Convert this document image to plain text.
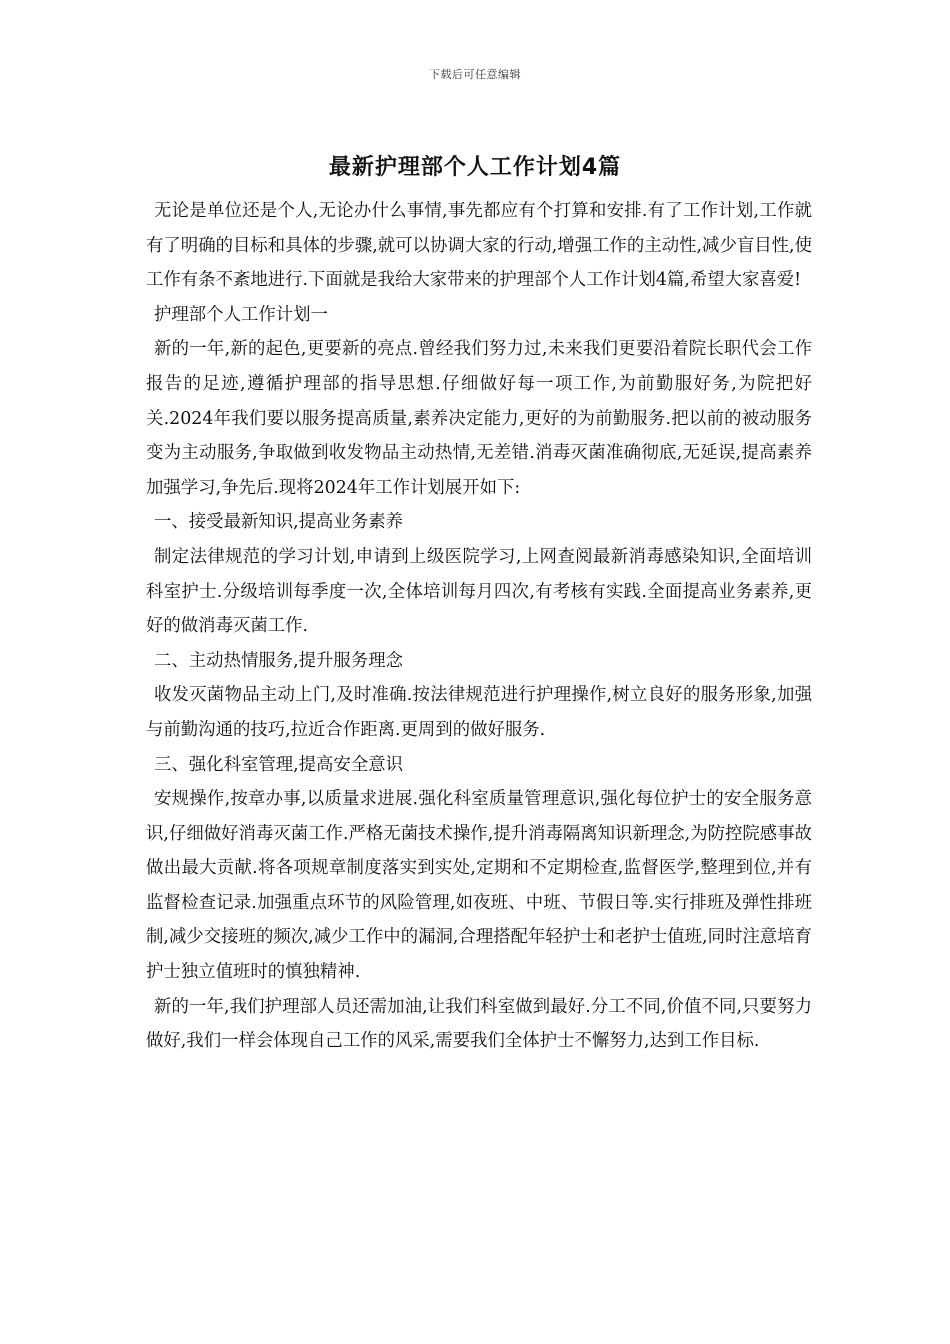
下载后可任意编辑
最新护理部个人工作计划4篇

无论是单位还是个人,无论办什么事情,事先都应有个打算和安排.有了工作计划,工作就有了明确的目标和具体的步骤,就可以协调大家的行动,增强工作的主动性,减少盲目性,使工作有条不紊地进行.下面就是我给大家带来的护理部个人工作计划4篇,希望大家喜爱!

护理部个人工作计划一

新的一年,新的起色,更要新的亮点.曾经我们努力过,未来我们更要沿着院长职代会工作报告的足迹,遵循护理部的指导思想.仔细做好每一项工作,为前勤服好务,为院把好关.2024年我们要以服务提高质量,素养决定能力,更好的为前勤服务.把以前的被动服务变为主动服务,争取做到收发物品主动热情,无差错.消毒灭菌准确彻底,无延误,提高素养加强学习,争先后.现将2024年工作计划展开如下:

一、接受最新知识,提高业务素养

制定法律规范的学习计划,申请到上级医院学习,上网查阅最新消毒感染知识,全面培训科室护士.分级培训每季度一次,全体培训每月四次,有考核有实践.全面提高业务素养,更好的做消毒灭菌工作.

二、主动热情服务,提升服务理念

收发灭菌物品主动上门,及时准确.按法律规范进行护理操作,树立良好的服务形象,加强与前勤沟通的技巧,拉近合作距离.更周到的做好服务.

三、强化科室管理,提高安全意识

安规操作,按章办事,以质量求进展.强化科室质量管理意识,强化每位护士的安全服务意识,仔细做好消毒灭菌工作.严格无菌技术操作,提升消毒隔离知识新理念,为防控院感事故做出最大贡献.将各项规章制度落实到实处,定期和不定期检查,监督医学,整理到位,并有监督检查记录.加强重点环节的风险管理,如夜班、中班、节假日等.实行排班及弹性排班制,减少交接班的频次,减少工作中的漏洞,合理搭配年轻护士和老护士值班,同时注意培育护士独立值班时的慎独精神.

新的一年,我们护理部人员还需加油,让我们科室做到最好.分工不同,价值不同,只要努力做好,我们一样会体现自己工作的风采,需要我们全体护士不懈努力,达到工作目标.
